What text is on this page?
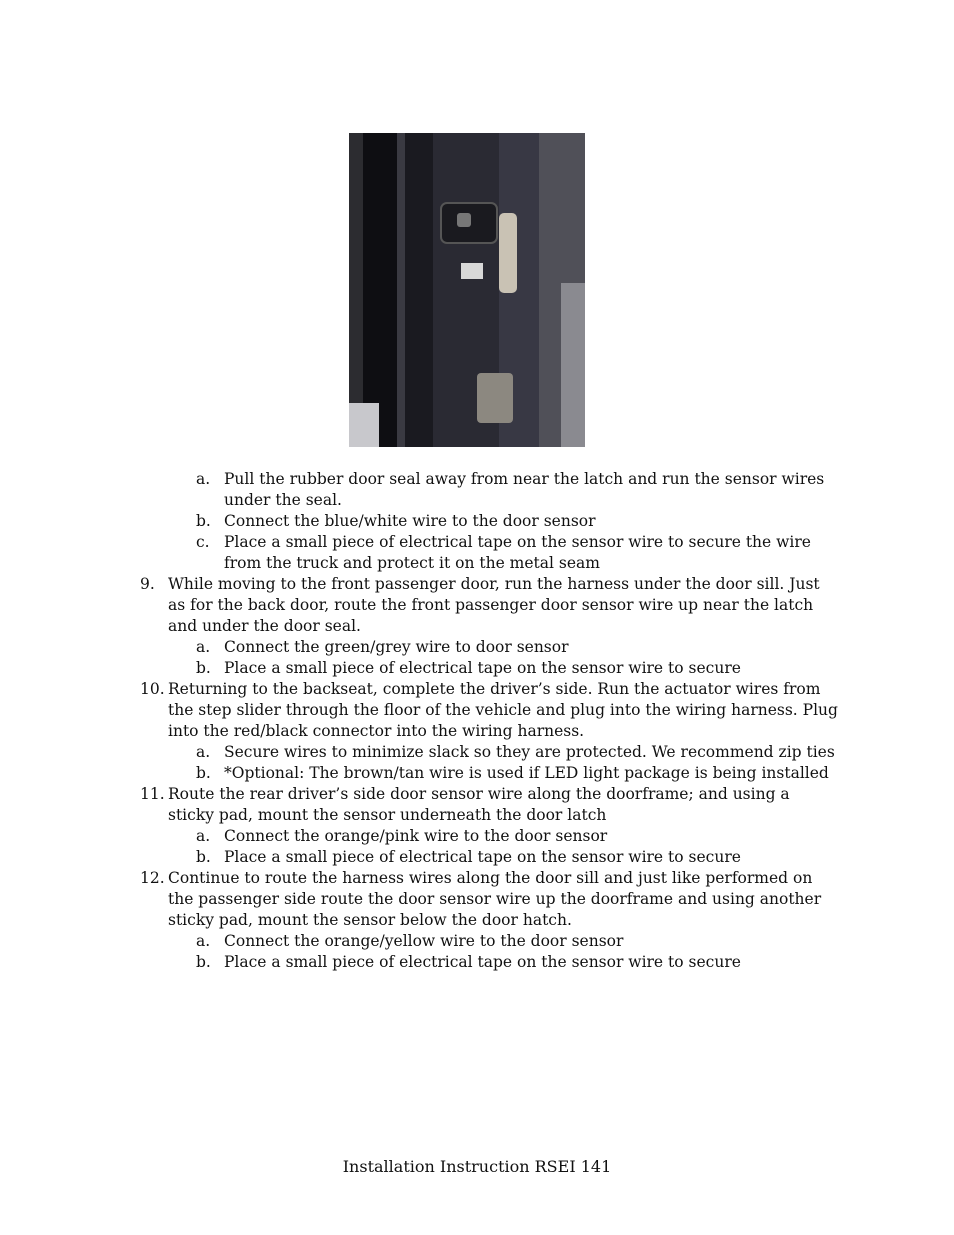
a. Pull the rubber door seal away from near the latch and run the sensor wires under the seal.
b. Connect the blue/white wire to the door sensor
c. Place a small piece of electrical tape on the sensor wire to secure the wire from the truck and protect it on the metal seam
9. While moving to the front passenger door, run the harness under the door sill. Just as for the back door, route the front passenger door sensor wire up near the latch and under the door seal.
a. Connect the green/grey wire to door sensor
b. Place a small piece of electrical tape on the sensor wire to secure
10. Returning to the backseat, complete the driver’s side. Run the actuator wires from the step slider through the floor of the vehicle and plug into the wiring harness. Plug into the red/black connector into the wiring harness.
a. Secure wires to minimize slack so they are protected. We recommend zip ties
b. *Optional: The brown/tan wire is used if LED light package is being installed
11. Route the rear driver’s side door sensor wire along the doorframe; and using a sticky pad, mount the sensor underneath the door latch
a. Connect the orange/pink wire to the door sensor
b. Place a small piece of electrical tape on the sensor wire to secure
12. Continue to route the harness wires along the door sill and just like performed on the passenger side route the door sensor wire up the doorframe and using another sticky pad, mount the sensor below the door hatch.
a. Connect the orange/yellow wire to the door sensor
b. Place a small piece of electrical tape on the sensor wire to secure
Installation Instruction RSEI 141
